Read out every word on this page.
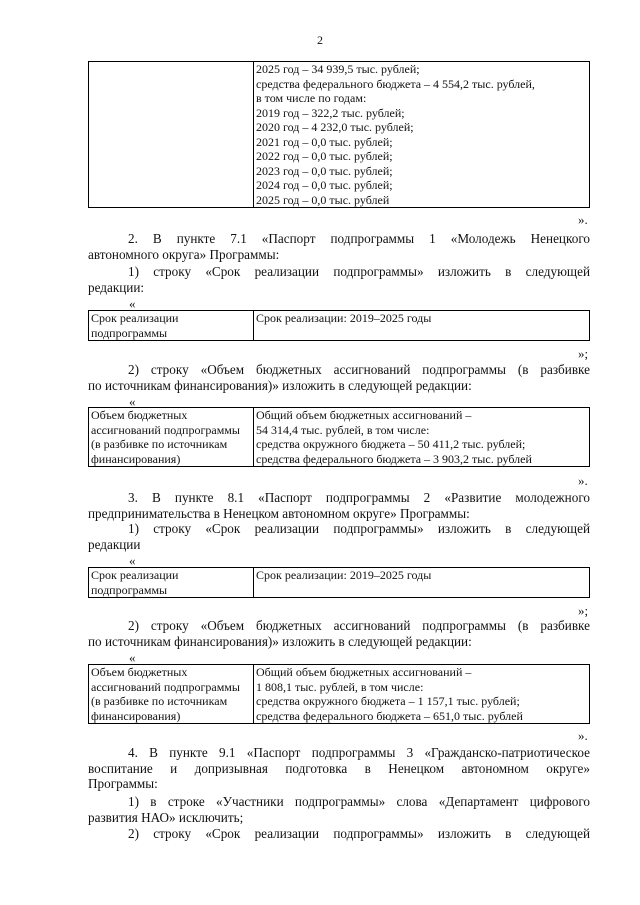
2

2025 год – 34 939,5 тыс. рублей;
средства федерального бюджета – 4 554,2 тыс. рублей,
в том числе по годам:
2019 год – 322,2 тыс. рублей;
2020 год – 4 232,0 тыс. рублей;
2021 год – 0,0 тыс. рублей;
2022 год – 0,0 тыс. рублей;
2023 год – 0,0 тыс. рублей;
2024 год – 0,0 тыс. рублей;
2025 год – 0,0 тыс. рублей
».
2. В пункте 7.1 «Паспорт подпрограммы 1 «Молодежь Ненецкого
автономного округа» Программы:
1) строку «Срок реализации подпрограммы» изложить в следующей
редакции:
«
Срок реализации
подпрограммы

Срок реализации: 2019–2025 годы
»;
2) строку «Объем бюджетных ассигнований подпрограммы (в разбивке
по источникам финансирования)» изложить в следующей редакции:
«
Объем бюджетных
ассигнований подпрограммы
(в разбивке по источникам
финансирования)

Общий объем бюджетных ассигнований –
54 314,4 тыс. рублей, в том числе:
средства окружного бюджета – 50 411,2 тыс. рублей;
средства федерального бюджета – 3 903,2 тыс. рублей
».
3. В пункте 8.1 «Паспорт подпрограммы 2 «Развитие молодежного
предпринимательства в Ненецком автономном округе» Программы:
1) строку «Срок реализации подпрограммы» изложить в следующей
редакции
«
Срок реализации
подпрограммы

Срок реализации: 2019–2025 годы
»;
2) строку «Объем бюджетных ассигнований подпрограммы (в разбивке
по источникам финансирования)» изложить в следующей редакции:
«
Объем бюджетных
ассигнований подпрограммы
(в разбивке по источникам
финансирования)

Общий объем бюджетных ассигнований –
1 808,1 тыс. рублей, в том числе:
средства окружного бюджета – 1 157,1 тыс. рублей;
средства федерального бюджета – 651,0 тыс. рублей
».
4. В пункте 9.1 «Паспорт подпрограммы 3 «Гражданско-патриотическое
воспитание и допризывная подготовка в Ненецком автономном округе»
Программы:
1) в строке «Участники подпрограммы» слова «Департамент цифрового
развития НАО» исключить;
2) строку «Срок реализации подпрограммы» изложить в следующей
